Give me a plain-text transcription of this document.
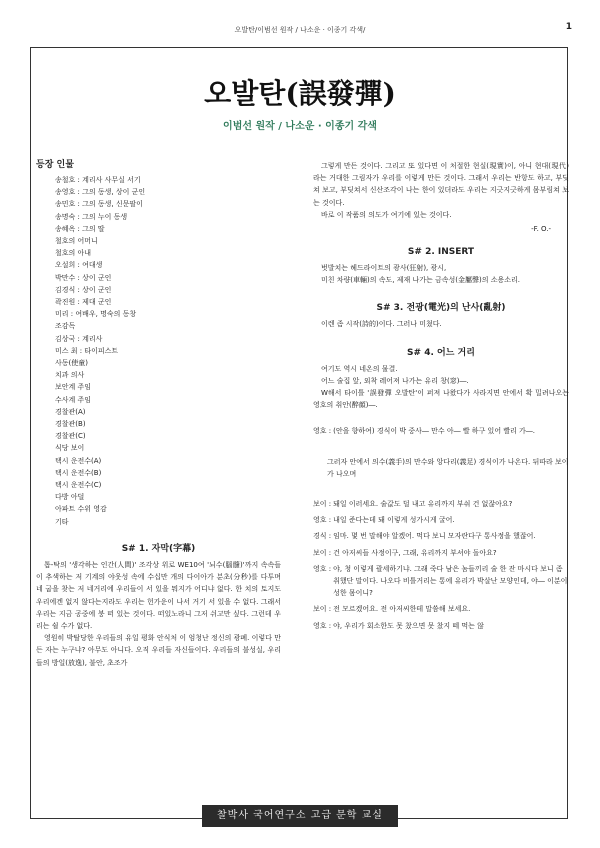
오발탄/이범선 원작 / 나소운 · 이종기 각색/	1
오발탄(誤發彈)
이범선 원작 / 나소운 · 이종기 각색
등장 인물
송철호 : 계리사 사무실 서기
송영호 : 그의 동생, 상이 군인
송민호 : 그의 동생, 신문팔이
송명숙 : 그의 누이 동생
송혜옥 : 그의 딸
철호의 어머니
철호의 아내
오설희 : 여대생
박만수 : 상이 군인
김경식 : 상이 군인
곽진원 : 제대 군인
미리 : 여배우, 명숙의 동창
조감독
김상국 : 계리사
미스 최 : 타이피스트
사동(使童)
치과 의사
보안계 주임
수사계 주임
경찰관(A)
경찰관(B)
경찰관(C)
식당 보이
택시 운전수(A)
택시 운전수(B)
택시 운전수(C)
다방 아덜
아파트 수위 영감
기타
S# 1. 자막(字幕)
톱-탁의 '생각하는 인간(人間)' 조각상 위로 WE10여 '뇌수(腦髓)'까지 속속들이 추색하는 저 기계의 야웃성 속에 수십만 개의 다이아가 분초(分秒)를 다투며 네 굽을 찾는 저 네거리에 우리들이 서 있을 뭐지가 어디냐 없다. 한 치의 토지도 우리에겐 없지 않다는지라도 우리는 헌가운이 나서 거기 서 있을 수 없다. 그래서 우리는 지금 공중에 붕 떠 있는 것이다. 떠있노라니 그저 쉬고만 싶다. 그런데 우리는 쉴 수가 없다.
영원히 박탈당한 우리들의 유일 평화 안식처 이 엄청난 정신의 광폐. 이렇다 만든 자는 누구냐? 아무도 아니다. 오직 우리들 자신들이다. 우리들의 불성실, 우리들의 방일(放逸), 불안, 초조가
그렇게 만든 것이다. 그리고 또 있다면 이 처절한 현실(現實)이, 아니 현대(現代)라는 거대한 그림자가 우리를 이렇게 만든 것이다. 그래서 우리는 반항도 하고, 부딪쳐 보고, 부딪쳐서 신산조각이 나는 한이 있더라도 우리는 지긋지긋하게 몸부림쳐 보는 것이다.
바로 이 작품의 의도가 여기에 있는 것이다.
-F. O.-
S# 2. INSERT
벗발치는 헤드라이트의 광사(狂射), 광시,
미친 차량(車輛)의 속도, 제재 나가는 금속성(金屬聲)의 소용소리.
S# 3. 전광(電光)의 난사(亂射)
이렌 좀 시작(詩的)이다. 그러나 미쳤다.
S# 4. 어느 거리
여기도 역시 네온의 물결.
어느 술집 앞, 외착 레어져 나가는 유리 창(窓)―.
W해서 타이틀 '誤發彈 오발탄'이 퍼져 나왔다가 사라지면 안에서 확 밀려나오는 영호의 취안(醉顔)―.
영호 : (안을 향하여) 경식이 박 중사― 만수 아― 빨 하구 있어 빨리 가―.
그러자 안에서 의수(義手)의 만수와 앙다리(義足) 경식이가 나온다. 뒤따라 보이가 나오며
보이 : 돼일 이러세요. 술값도 덜 내고 유리까지 부숴 건 없잖아요?
영호 : 내일 준다는데 돼 이렇게 성가시게 굴어.
경식 : 임마. 몇 번 말해야 알겠어. 먹다 보니 모자란다구 통사정을 했잖어.
보이 : 건 아저씨들 사정이구, 그래, 유리까지 부셔야 돌아요?
영호 : 야, 청 이렇게 괄세하기냐. 그래 죽다 남은 놈들끼리 술 한 잔 마시다 보니 좀 취했단 말이다. 나오다 비틀거리는 통에 유리가 박살난 모양인데, 야― 이분이 성한 몸이니?
보이 : 전 모르겠어요. 전 아저씨한테 말씀해 보세요.
영호 : 야, 우리가 회소한도 못 찼으면 못 찼지 떼 먹는 않
찰박사 국어연구소 고급 문학 교실
